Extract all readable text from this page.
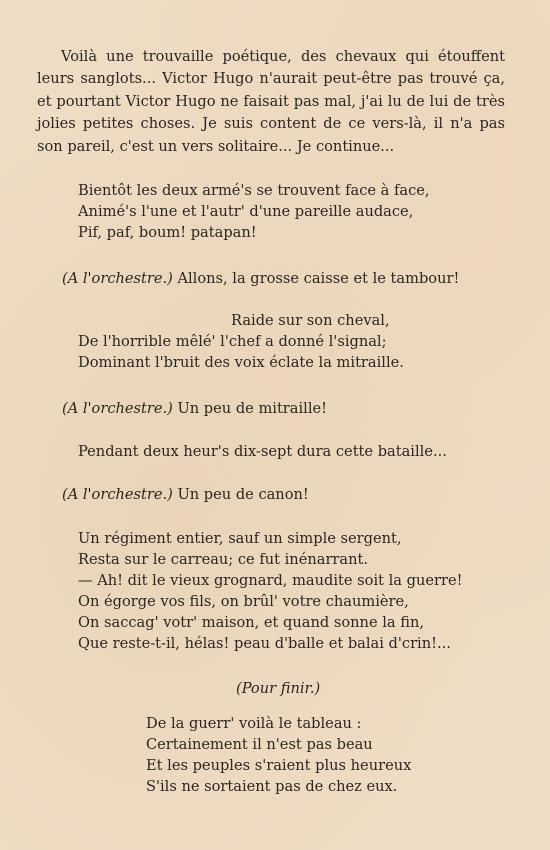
Voilà une trouvaille poétique, des chevaux qui étouffent leurs sanglots... Victor Hugo n'aurait peut-être pas trouvé ça, et pourtant Victor Hugo ne faisait pas mal, j'ai lu de lui de très jolies petites choses. Je suis content de ce vers-là, il n'a pas son pareil, c'est un vers solitaire... Je continue...

Bientôt les deux armé's se trouvent face à face,
Animé's l'une et l'autr' d'une pareille audace,
Pif, paf, boum! patapan!

(A l'orchestre.) Allons, la grosse caisse et le tambour!

Raide sur son cheval,
De l'horrible mêlé' l'chef a donné l'signal;
Dominant l'bruit des voix éclate la mitraille.

(A l'orchestre.) Un peu de mitraille!

Pendant deux heur's dix-sept dura cette bataille...

(A l'orchestre.) Un peu de canon!

Un régiment entier, sauf un simple sergent,
Resta sur le carreau; ce fut inénarrant.
— Ah! dit le vieux grognard, maudite soit la guerre!
On égorge vos fils, on brûl' votre chaumière,
On saccag' votr' maison, et quand sonne la fin,
Que reste-t-il, hélas! peau d'balle et balai d'crin!...

(Pour finir.)

De la guerr' voilà le tableau :
Certainement il n'est pas beau
Et les peuples s'raient plus heureux
S'ils ne sortaient pas de chez eux.
